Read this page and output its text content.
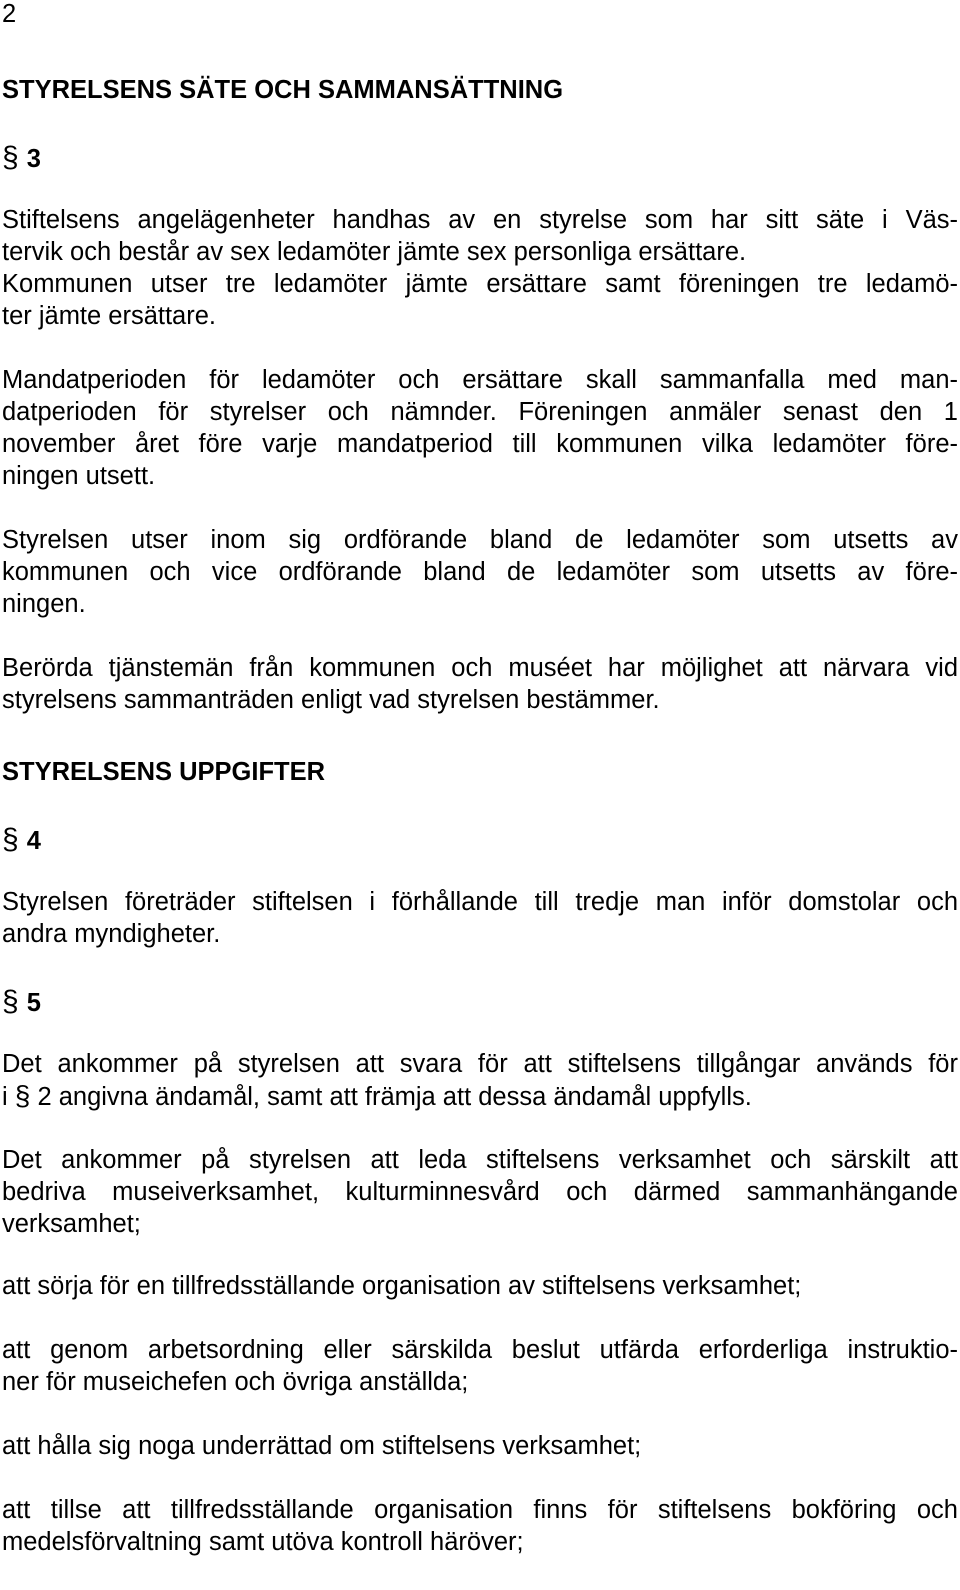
2
STYRELSENS SÄTE OCH SAMMANSÄTTNING
§ 3
Stiftelsens angelägenheter handhas av en styrelse som har sitt säte i Väs-
tervik och består av sex ledamöter jämte sex personliga ersättare.
Kommunen utser tre ledamöter jämte ersättare samt föreningen tre ledamö-
ter jämte ersättare.
Mandatperioden för ledamöter och ersättare skall sammanfalla med man-
datperioden för styrelser och nämnder. Föreningen anmäler senast den 1
november året före varje mandatperiod till kommunen vilka ledamöter före-
ningen utsett.
Styrelsen utser inom sig ordförande bland de ledamöter som utsetts av
kommunen och vice ordförande bland de ledamöter som utsetts av före-
ningen.
Berörda tjänstemän från kommunen och muséet har möjlighet att närvara vid
styrelsens sammanträden enligt vad styrelsen bestämmer.
STYRELSENS UPPGIFTER
§ 4
Styrelsen företräder stiftelsen i förhållande till tredje man inför domstolar och
andra myndigheter.
§ 5
Det ankommer på styrelsen att svara för att stiftelsens tillgångar används för
i § 2 angivna ändamål, samt att främja att dessa ändamål uppfylls.
Det ankommer på styrelsen att leda stiftelsens verksamhet och särskilt att
bedriva museiverksamhet, kulturminnesvård och därmed sammanhängande
verksamhet;
att sörja för en tillfredsställande organisation av stiftelsens verksamhet;
att genom arbetsordning eller särskilda beslut utfärda erforderliga instruktio-
ner för museichefen och övriga anställda;
att hålla sig noga underrättad om stiftelsens verksamhet;
att tillse att tillfredsställande organisation finns för stiftelsens bokföring och
medelsförvaltning samt utöva kontroll häröver;
